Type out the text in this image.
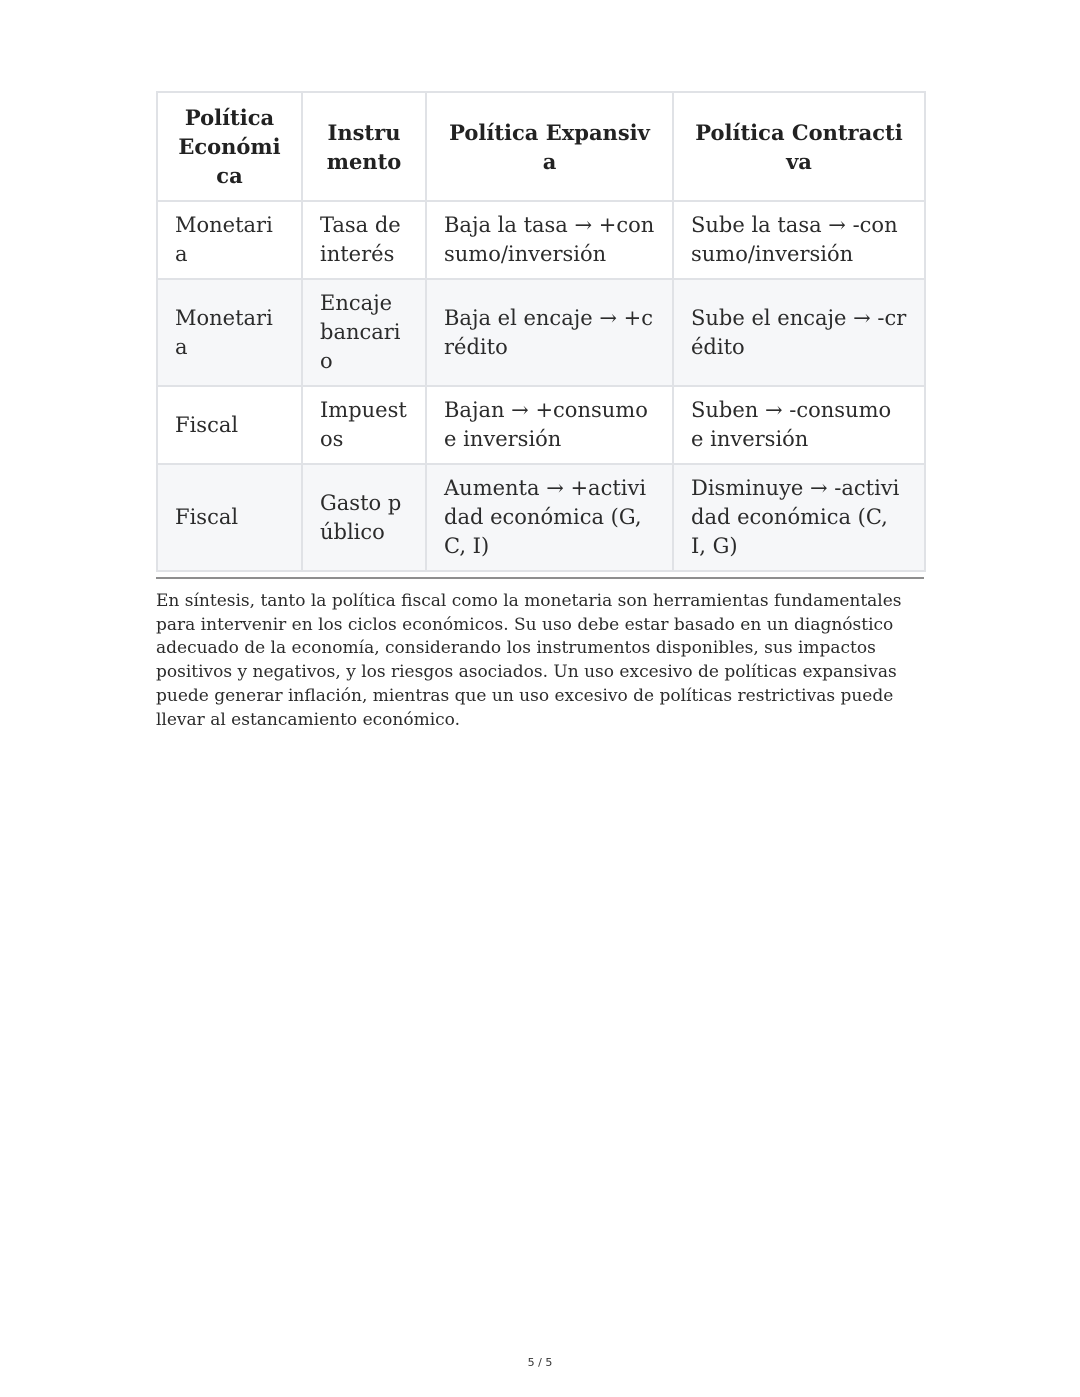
Política Económica	Instrumento	Política Expansiva	Política Contractiva
Monetaria	Tasa de interés	Baja la tasa → +consumo/inversión	Sube la tasa → -consumo/inversión
Monetaria	Encaje bancario	Baja el encaje → +crédito	Sube el encaje → -crédito
Fiscal	Impuestos	Bajan → +consumo e inversión	Suben → -consumo e inversión
Fiscal	Gasto público	Aumenta → +actividad económica (G, C, I)	Disminuye → -actividad económica (C, I, G)

En síntesis, tanto la política fiscal como la monetaria son herramientas fundamentales para intervenir en los ciclos económicos. Su uso debe estar basado en un diagnóstico adecuado de la economía, considerando los instrumentos disponibles, sus impactos positivos y negativos, y los riesgos asociados. Un uso excesivo de políticas expansivas puede generar inflación, mientras que un uso excesivo de políticas restrictivas puede llevar al estancamiento económico.

5 / 5
